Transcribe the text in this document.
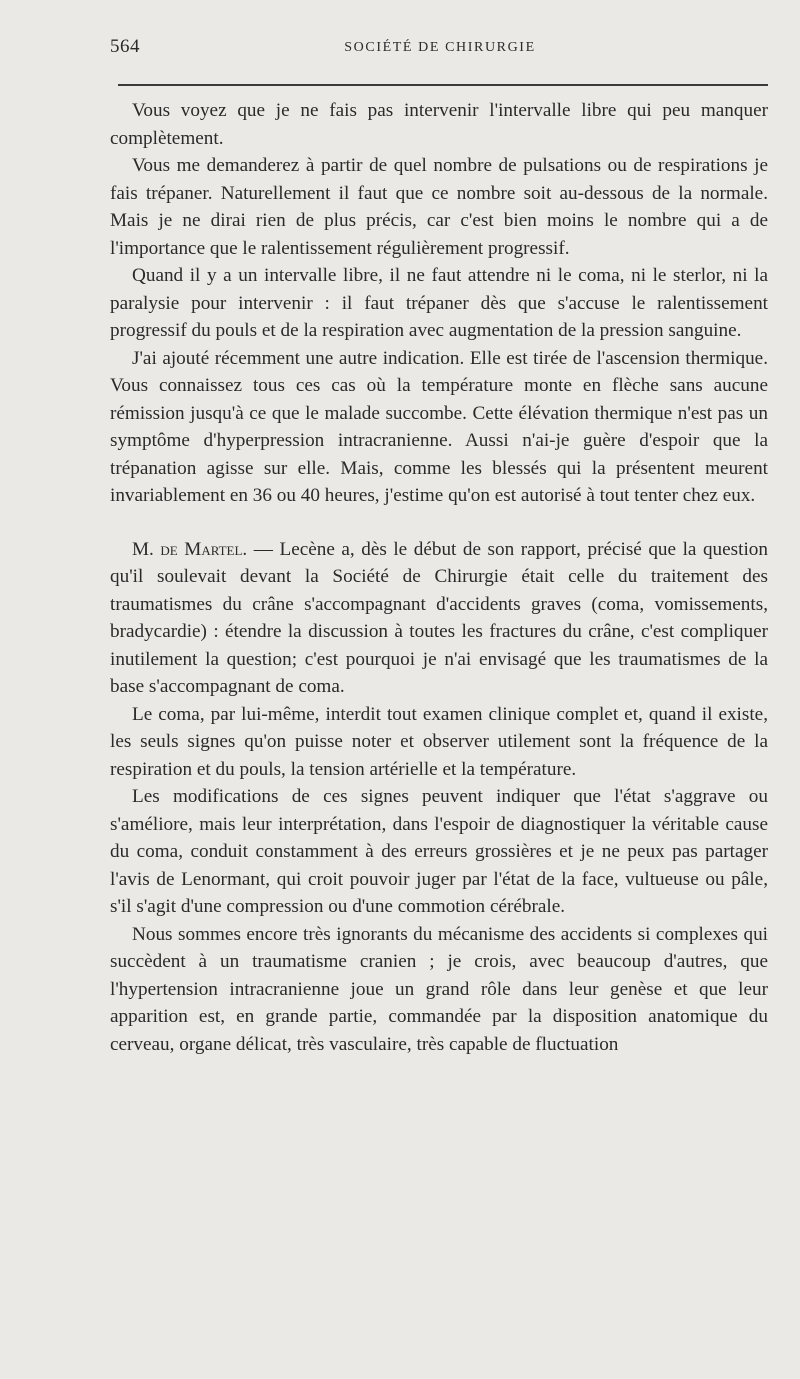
564	SOCIÉTÉ DE CHIRURGIE

Vous voyez que je ne fais pas intervenir l'intervalle libre qui peu manquer complètement.

Vous me demanderez à partir de quel nombre de pulsations ou de respirations je fais trépaner. Naturellement il faut que ce nombre soit au-dessous de la normale. Mais je ne dirai rien de plus précis, car c'est bien moins le nombre qui a de l'importance que le ralentissement régulièrement progressif.

Quand il y a un intervalle libre, il ne faut attendre ni le coma, ni le sterlor, ni la paralysie pour intervenir : il faut trépaner dès que s'accuse le ralentissement progressif du pouls et de la respiration avec augmentation de la pression sanguine.

J'ai ajouté récemment une autre indication. Elle est tirée de l'ascension thermique. Vous connaissez tous ces cas où la température monte en flèche sans aucune rémission jusqu'à ce que le malade succombe. Cette élévation thermique n'est pas un symptôme d'hyperpression intracranienne. Aussi n'ai-je guère d'espoir que la trépanation agisse sur elle. Mais, comme les blessés qui la présentent meurent invariablement en 36 ou 40 heures, j'estime qu'on est autorisé à tout tenter chez eux.

M. de Martel. — Lecène a, dès le début de son rapport, précisé que la question qu'il soulevait devant la Société de Chirurgie était celle du traitement des traumatismes du crâne s'accompagnant d'accidents graves (coma, vomissements, bradycardie) : étendre la discussion à toutes les fractures du crâne, c'est compliquer inutilement la question; c'est pourquoi je n'ai envisagé que les traumatismes de la base s'accompagnant de coma.

Le coma, par lui-même, interdit tout examen clinique complet et, quand il existe, les seuls signes qu'on puisse noter et observer utilement sont la fréquence de la respiration et du pouls, la tension artérielle et la température.

Les modifications de ces signes peuvent indiquer que l'état s'aggrave ou s'améliore, mais leur interprétation, dans l'espoir de diagnostiquer la véritable cause du coma, conduit constamment à des erreurs grossières et je ne peux pas partager l'avis de Lenormant, qui croit pouvoir juger par l'état de la face, vultueuse ou pâle, s'il s'agit d'une compression ou d'une commotion cérébrale.

Nous sommes encore très ignorants du mécanisme des accidents si complexes qui succèdent à un traumatisme cranien ; je crois, avec beaucoup d'autres, que l'hypertension intracranienne joue un grand rôle dans leur genèse et que leur apparition est, en grande partie, commandée par la disposition anatomique du cerveau, organe délicat, très vasculaire, très capable de fluctuation
